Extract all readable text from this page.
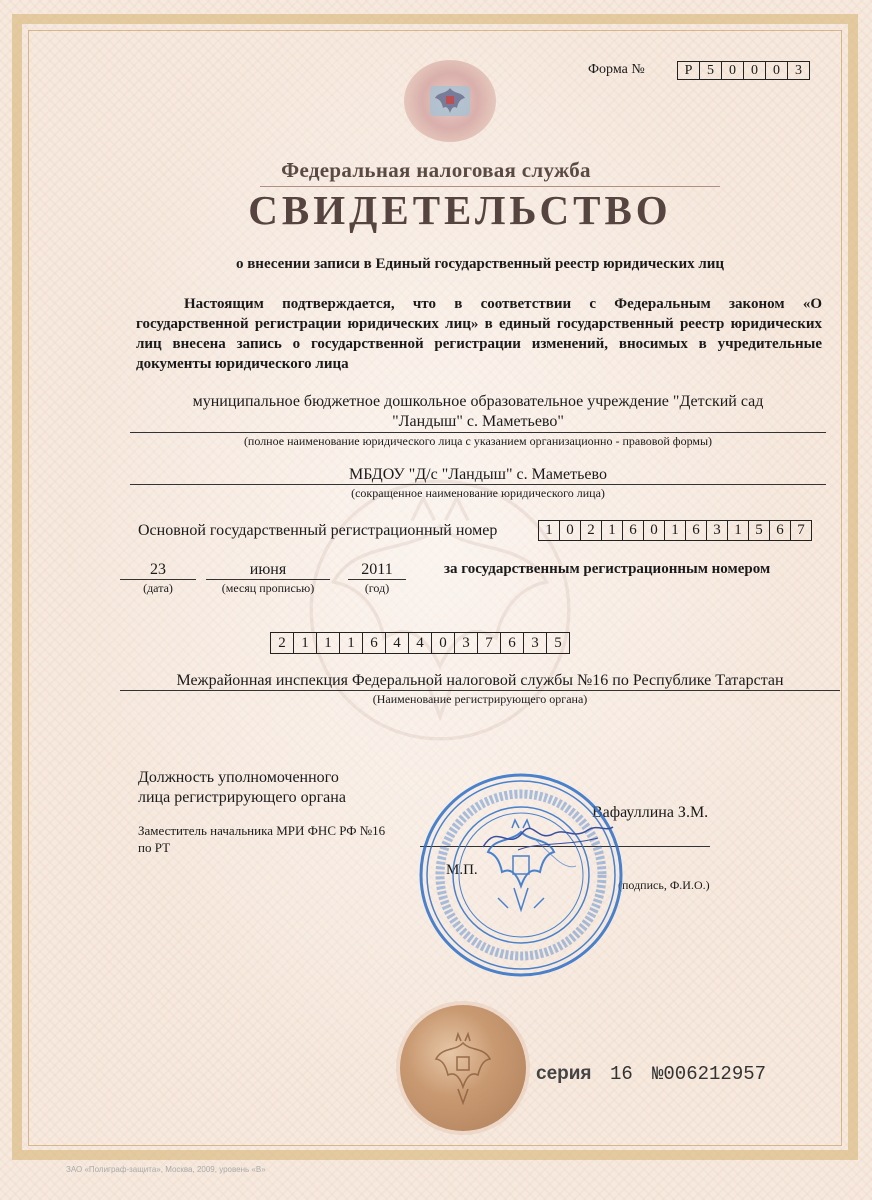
Форма №	Р	5	0	0	0	3
Федеральная налоговая служба
СВИДЕТЕЛЬСТВО
о внесении записи в Единый государственный реестр юридических лиц

Настоящим подтверждается, что в соответствии с Федеральным законом «О государственной регистрации юридических лиц» в единый государственный реестр юридических лиц внесена запись о государственной регистрации изменений, вносимых в учредительные документы юридического лица

муниципальное бюджетное дошкольное образовательное учреждение "Детский сад
"Ландыш" с. Маметьево"
(полное наименование юридического лица с указанием организационно - правовой формы)
МБДОУ "Д/с "Ландыш" с. Маметьево
(сокращенное наименование юридического лица)
Основной государственный регистрационный номер	1 0 2 1 6 0 1 6 3 1 5 6 7
23
(дата)
июня
(месяц прописью)
2011
(год)
за государственным регистрационным номером
2	1	1	1	6	4	4	0	3	7	6	3	5
Межрайонная инспекция Федеральной налоговой службы №16 по Республике Татарстан
(Наименование регистрирующего органа)
Должность уполномоченного
лица регистрирующего органа
Заместитель начальника МРИ ФНС РФ №16
по РТ
Вафауллина З.М.
М.П.
(подпись, Ф.И.О.)
серия 16 №006212957
ЗАО «Полиграф-защита», Москва, 2009, уровень «В»
